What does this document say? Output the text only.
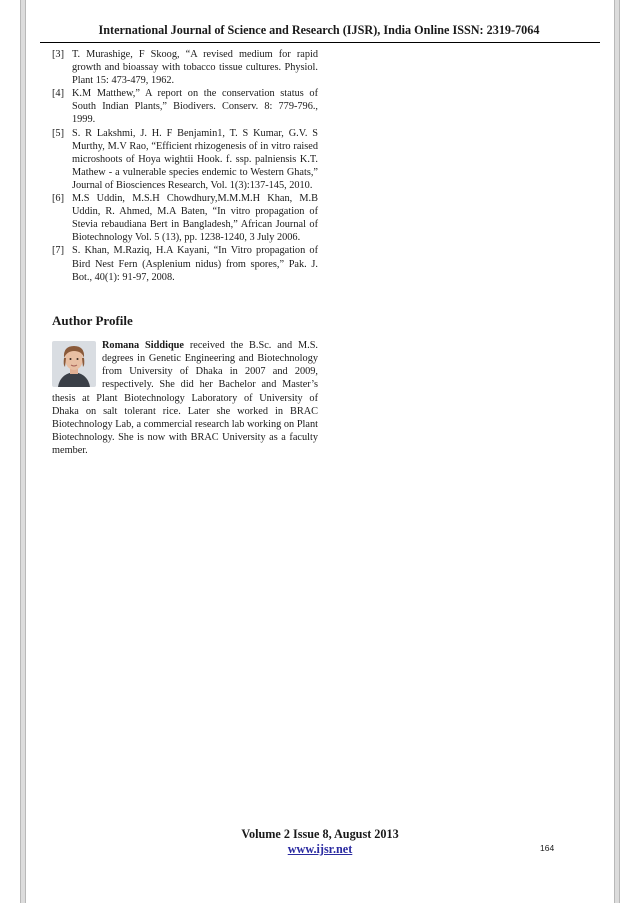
International Journal of Science and Research (IJSR), India Online ISSN: 2319-7064
[3] T. Murashige, F Skoog, “A revised medium for rapid growth and bioassay with tobacco tissue cultures. Physiol. Plant 15: 473-479, 1962.
[4] K.M Matthew,” A report on the conservation status of South Indian Plants,” Biodivers. Conserv. 8: 779-796., 1999.
[5] S. R Lakshmi, J. H. F Benjamin1, T. S Kumar, G.V. S Murthy, M.V Rao, “Efficient rhizogenesis of in vitro raised microshoots of Hoya wightii Hook. f. ssp. palniensis K.T. Mathew - a vulnerable species endemic to Western Ghats,” Journal of Biosciences Research, Vol. 1(3):137-145, 2010.
[6] M.S Uddin, M.S.H Chowdhury,M.M.M.H Khan, M.B Uddin, R. Ahmed, M.A Baten, “In vitro propagation of Stevia rebaudiana Bert in Bangladesh,” African Journal of Biotechnology Vol. 5 (13), pp. 1238-1240, 3 July 2006.
[7] S. Khan, M.Raziq, H.A Kayani, “In Vitro propagation of Bird Nest Fern (Asplenium nidus) from spores,” Pak. J. Bot., 40(1): 91-97, 2008.
Author Profile
Romana Siddique received the B.Sc. and M.S. degrees in Genetic Engineering and Biotechnology from University of Dhaka in 2007 and 2009, respectively. She did her Bachelor and Master’s thesis at Plant Biotechnology Laboratory of University of Dhaka on salt tolerant rice. Later she worked in BRAC Biotechnology Lab, a commercial research lab working on Plant Biotechnology. She is now with BRAC University as a faculty member.
Volume 2 Issue 8, August 2013
www.ijsr.net	164
